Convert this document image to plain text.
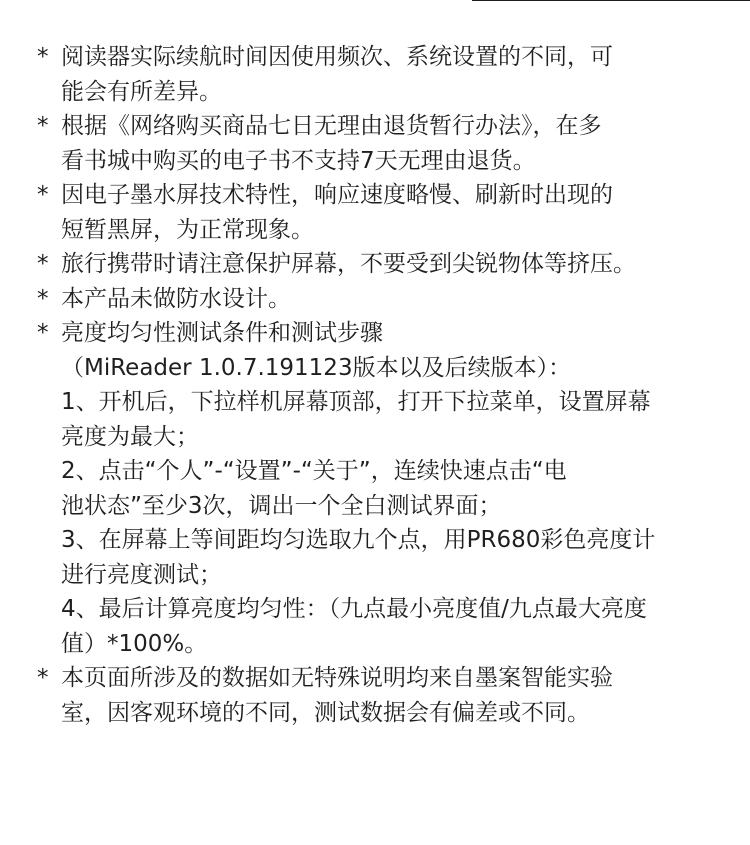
* 阅读器实际续航时间因使用频次、系统设置的不同，可
能会有所差异。
* 根据《网络购买商品七日无理由退货暂行办法》，在多
看书城中购买的电子书不支持7天无理由退货。
* 因电子墨水屏技术特性，响应速度略慢、刷新时出现的
短暂黑屏，为正常现象。
* 旅行携带时请注意保护屏幕，不要受到尖锐物体等挤压。
* 本产品未做防水设计。
* 亮度均匀性测试条件和测试步骤
（MiReader 1.0.7.191123版本以及后续版本）：
1、开机后，下拉样机屏幕顶部，打开下拉菜单，设置屏幕
亮度为最大；
2、点击“个人”-“设置”-“关于”，连续快速点击“电
池状态”至少3次，调出一个全白测试界面；
3、在屏幕上等间距均匀选取九个点，用PR680彩色亮度计
进行亮度测试；
4、最后计算亮度均匀性：（九点最小亮度值/九点最大亮度
值）*100%。
* 本页面所涉及的数据如无特殊说明均来自墨案智能实验
室，因客观环境的不同，测试数据会有偏差或不同。
